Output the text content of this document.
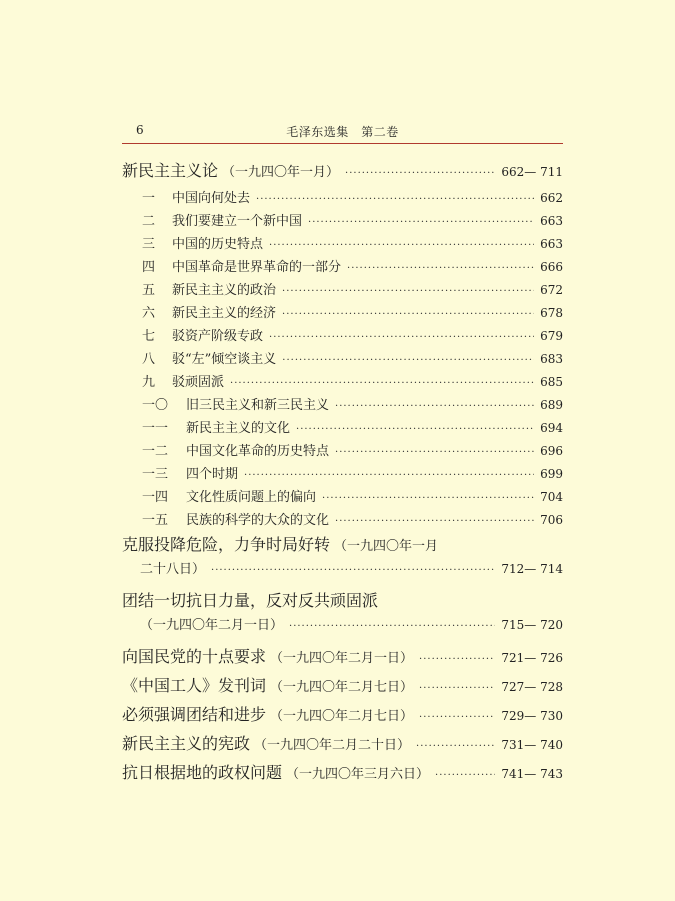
6	毛泽东选集　第二卷
新民主主义论 （一九四〇年一月） ·····	662— 711
一	中国向何处去 ·····	662
二	我们要建立一个新中国 ·····	663
三	中国的历史特点 ·····	663
四	中国革命是世界革命的一部分 ·····	666
五	新民主主义的政治 ·····	672
六	新民主主义的经济 ·····	678
七	驳资产阶级专政 ·····	679
八	驳“左”倾空谈主义 ·····	683
九	驳顽固派 ·····	685
一〇	旧三民主义和新三民主义 ·····	689
一一	新民主主义的文化 ·····	694
一二	中国文化革命的历史特点 ·····	696
一三	四个时期 ·····	699
一四	文化性质问题上的偏向 ·····	704
一五	民族的科学的大众的文化 ·····	706
克服投降危险，力争时局好转 （一九四〇年一月
二十八日） ·····	712— 714
团结一切抗日力量，反对反共顽固派
（一九四〇年二月一日） ·····	715— 720
向国民党的十点要求 （一九四〇年二月一日） ·····	721— 726
《中国工人》发刊词 （一九四〇年二月七日） ·····	727— 728
必须强调团结和进步 （一九四〇年二月七日） ·····	729— 730
新民主主义的宪政 （一九四〇年二月二十日） ·····	731— 740
抗日根据地的政权问题 （一九四〇年三月六日） ·····	741— 743
